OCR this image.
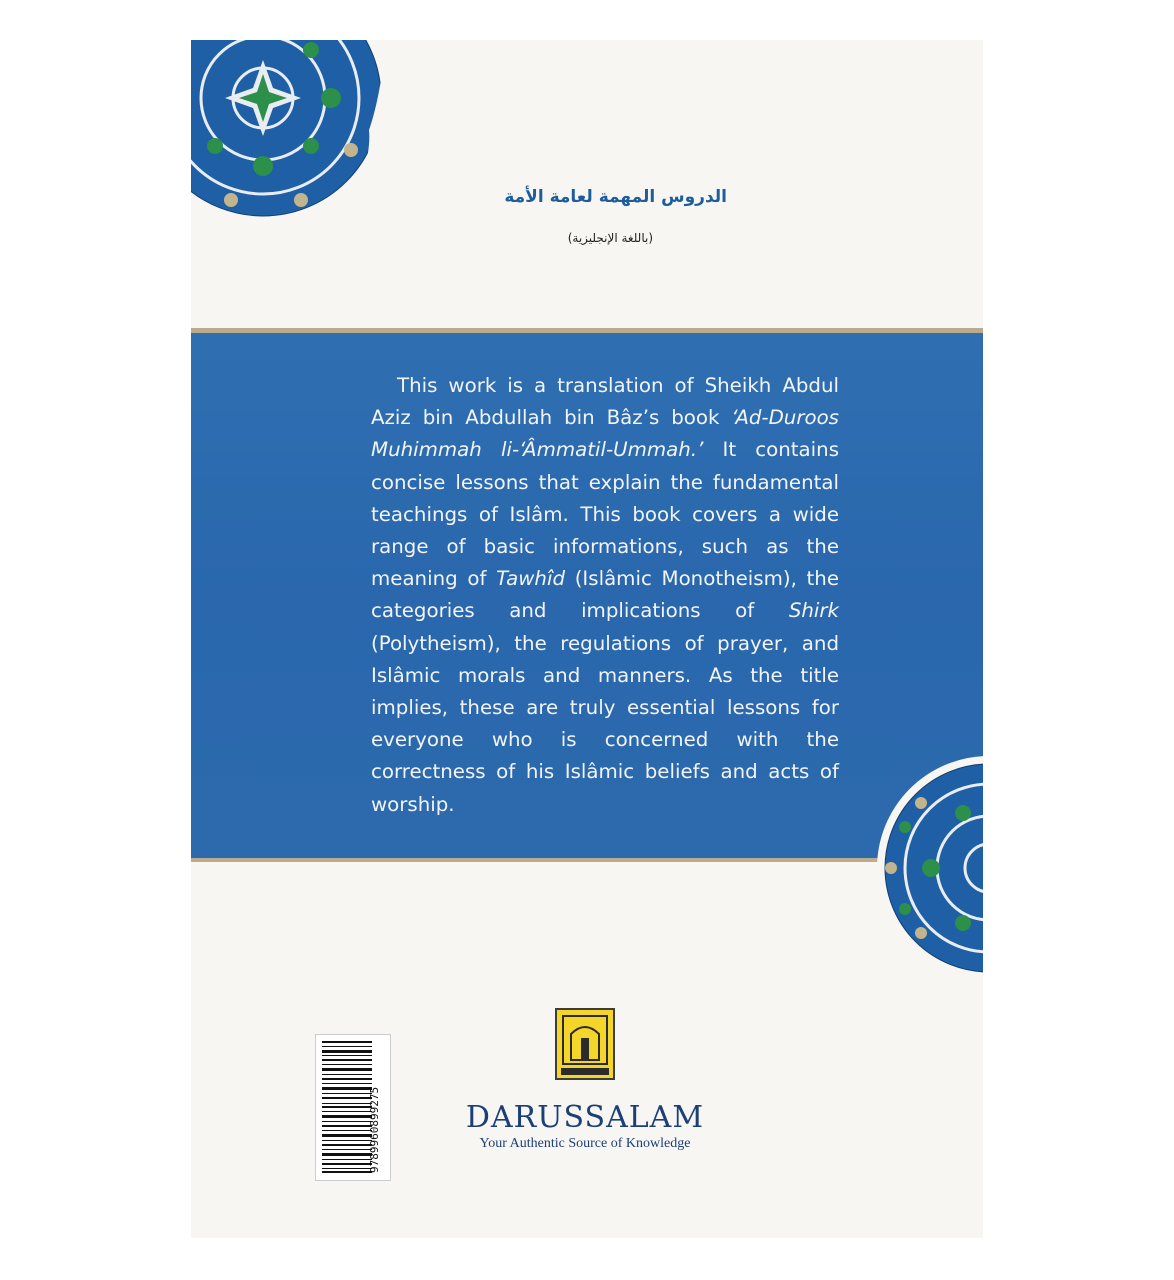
الدروس المهمة لعامة الأمة
(باللغة الإنجليزية)

This work is a translation of Sheikh Abdul Aziz bin Abdullah bin Bâz’s book ‘Ad-Duroos Muhimmah li-‘Âmmatil-Ummah.’ It contains concise lessons that explain the fundamental teachings of Islâm. This book covers a wide range of basic informations, such as the meaning of Tawhîd (Islâmic Monotheism), the categories and implications of Shirk (Polytheism), the regulations of prayer, and Islâmic morals and manners. As the title implies, these are truly essential lessons for everyone who is concerned with the correctness of his Islâmic beliefs and acts of worship.

9789960899275	DARUSSALAM
Your Authentic Source of Knowledge
